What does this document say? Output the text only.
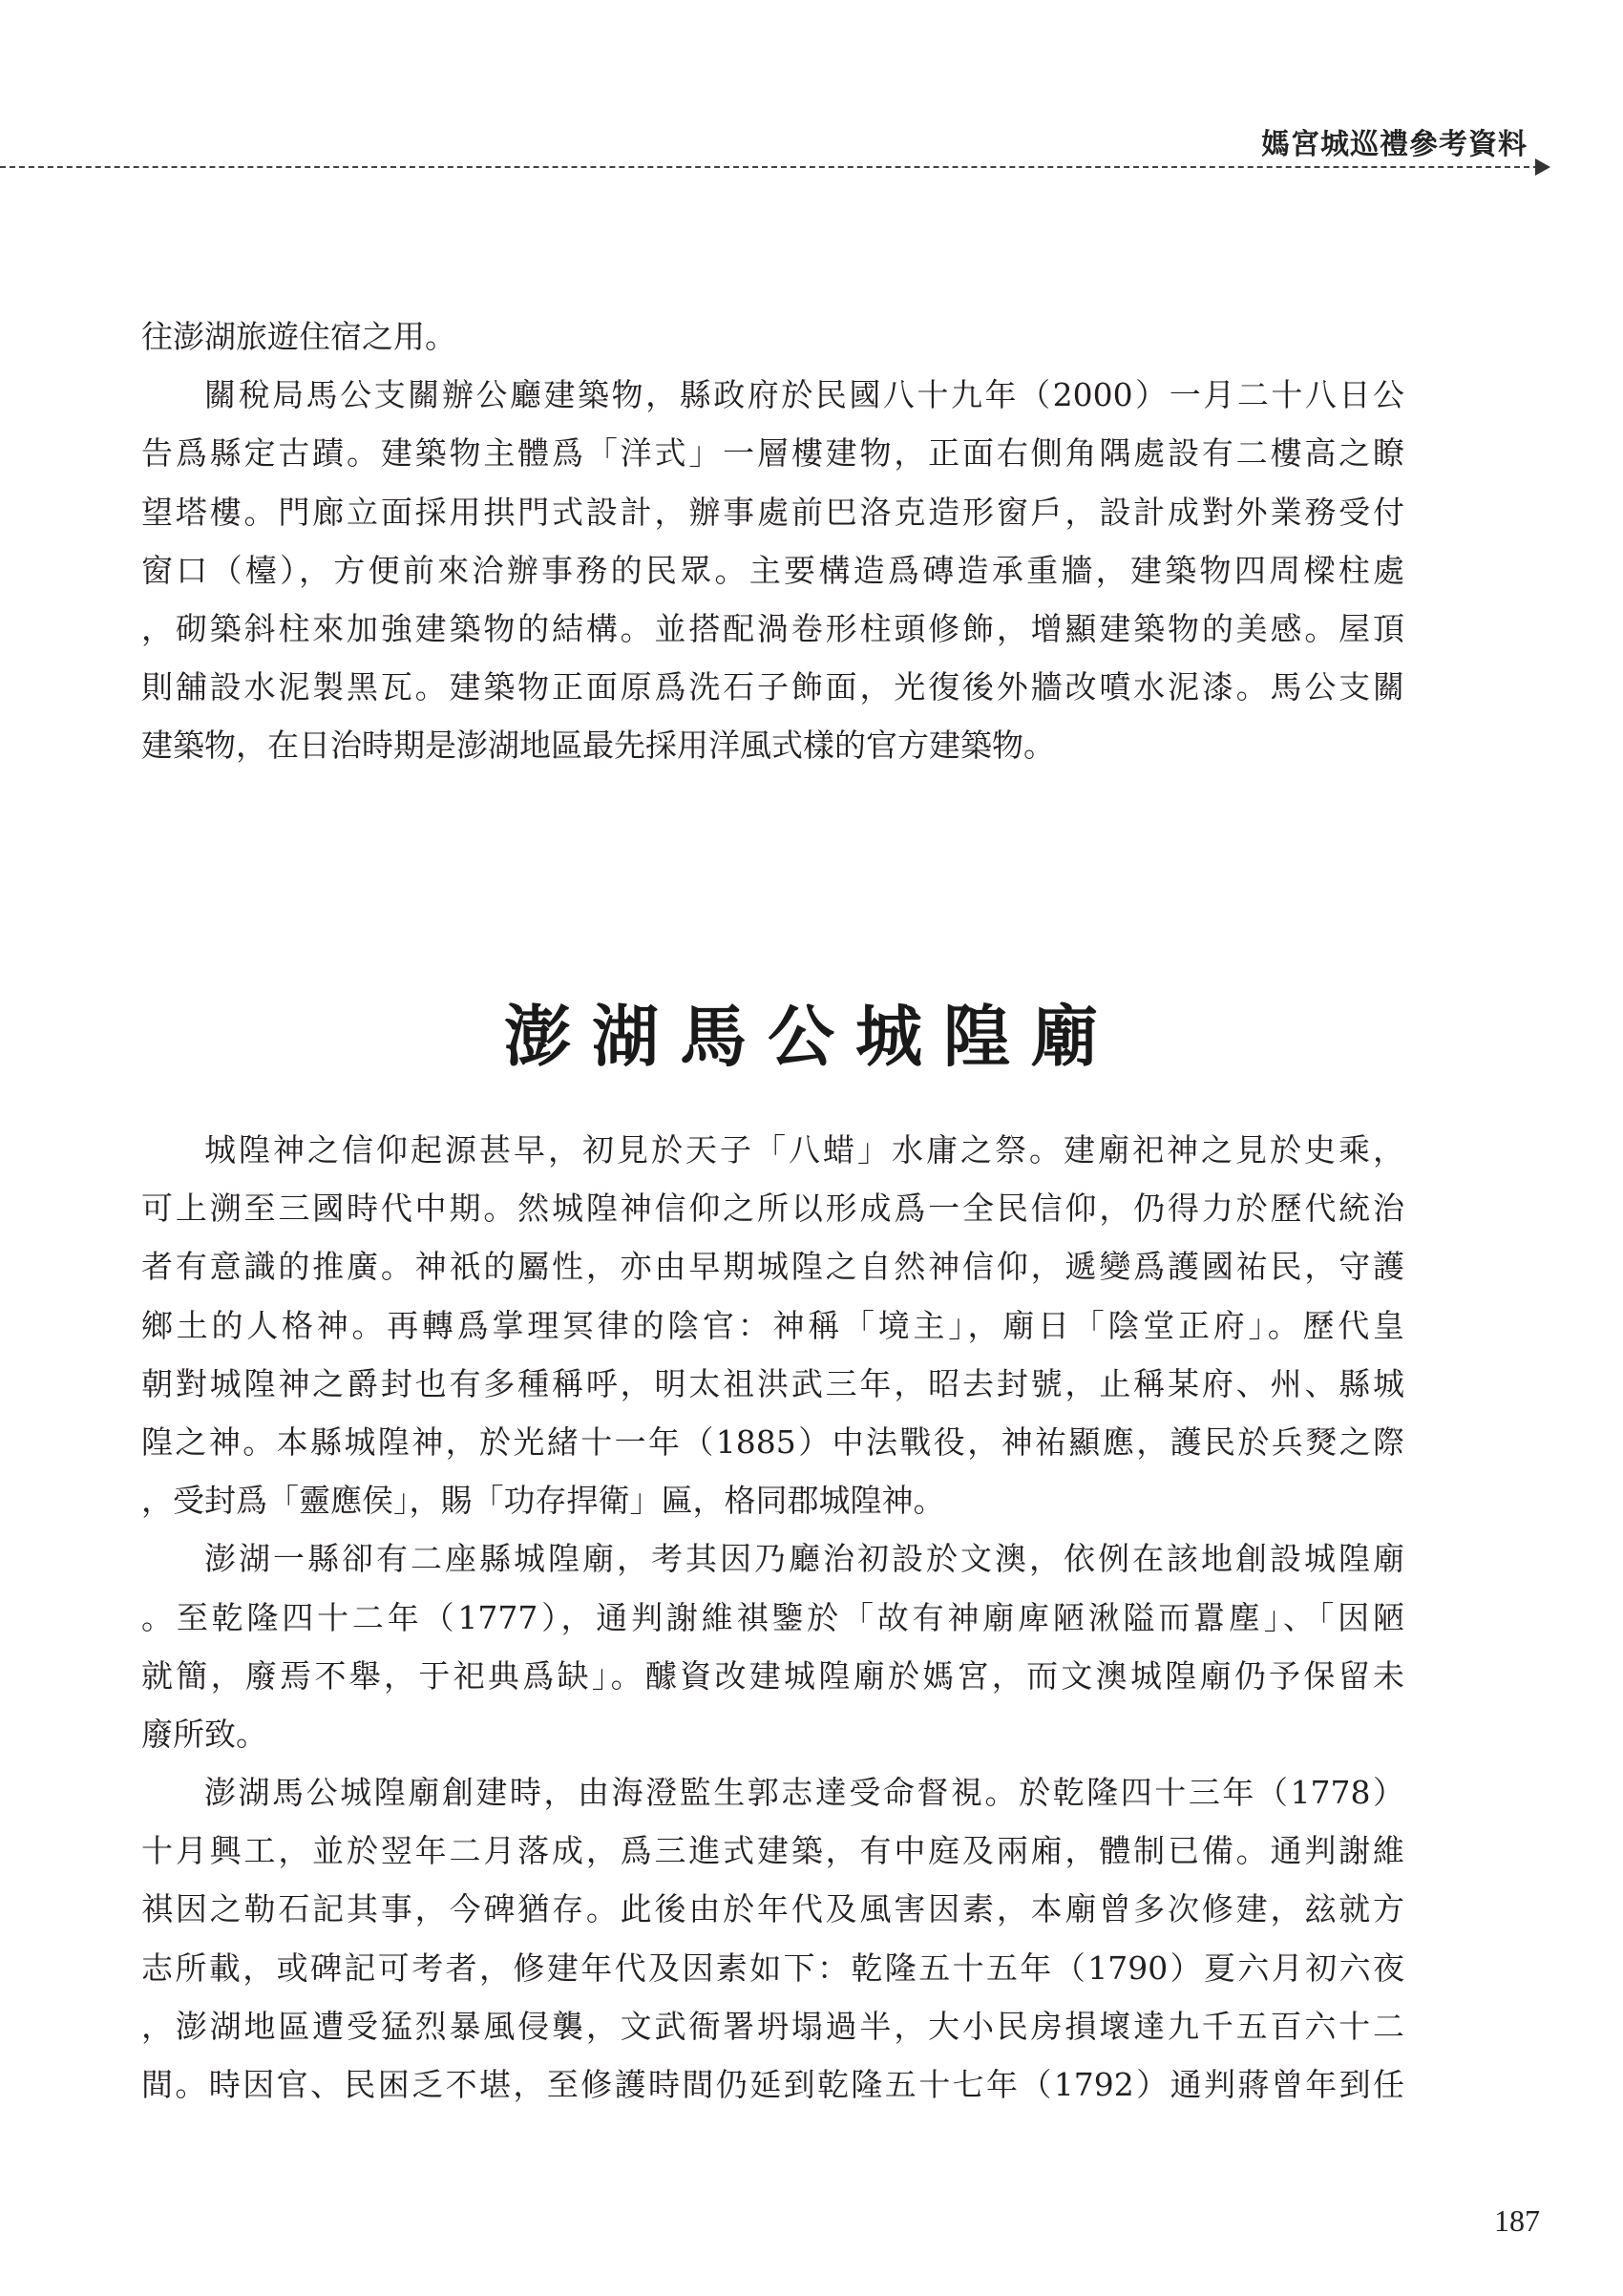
媽宮城巡禮參考資料
往澎湖旅遊住宿之用。
關稅局馬公支關辦公廳建築物，縣政府於民國八十九年（2000）一月二十八日公
告爲縣定古蹟。建築物主體爲「洋式」一層樓建物，正面右側角隅處設有二樓高之瞭
望塔樓。門廊立面採用拱門式設計，辦事處前巴洛克造形窗戶，設計成對外業務受付
窗口（檯），方便前來洽辦事務的民眾。主要構造爲磚造承重牆，建築物四周樑柱處
，砌築斜柱來加強建築物的結構。並搭配渦卷形柱頭修飾，增顯建築物的美感。屋頂
則舖設水泥製黑瓦。建築物正面原爲洗石子飾面，光復後外牆改噴水泥漆。馬公支關
建築物，在日治時期是澎湖地區最先採用洋風式樣的官方建築物。
澎湖馬公城隍廟
城隍神之信仰起源甚早，初見於天子「八蜡」水庸之祭。建廟祀神之見於史乘，
可上溯至三國時代中期。然城隍神信仰之所以形成爲一全民信仰，仍得力於歷代統治
者有意識的推廣。神祇的屬性，亦由早期城隍之自然神信仰，遞變爲護國祐民，守護
鄉土的人格神。再轉爲掌理冥律的陰官：神稱「境主」，廟日「陰堂正府」。歷代皇
朝對城隍神之爵封也有多種稱呼，明太祖洪武三年，昭去封號，止稱某府、州、縣城
隍之神。本縣城隍神，於光緒十一年（1885）中法戰役，神祐顯應，護民於兵燹之際
，受封爲「靈應侯」，賜「功存捍衛」匾，格同郡城隍神。
澎湖一縣卻有二座縣城隍廟，考其因乃廳治初設於文澳，依例在該地創設城隍廟
。至乾隆四十二年（1777），通判謝維祺鑒於「故有神廟庳陋湫隘而囂塵」、「因陋
就簡，廢焉不舉，于祀典爲缺」。醵資改建城隍廟於媽宮，而文澳城隍廟仍予保留未
廢所致。
澎湖馬公城隍廟創建時，由海澄監生郭志達受命督視。於乾隆四十三年（1778）
十月興工，並於翌年二月落成，爲三進式建築，有中庭及兩廂，體制已備。通判謝維
祺因之勒石記其事，今碑猶存。此後由於年代及風害因素，本廟曾多次修建，玆就方
志所載，或碑記可考者，修建年代及因素如下：乾隆五十五年（1790）夏六月初六夜
，澎湖地區遭受猛烈暴風侵襲，文武衙署坍塌過半，大小民房損壞達九千五百六十二
間。時因官、民困乏不堪，至修護時間仍延到乾隆五十七年（1792）通判蔣曾年到任
187
